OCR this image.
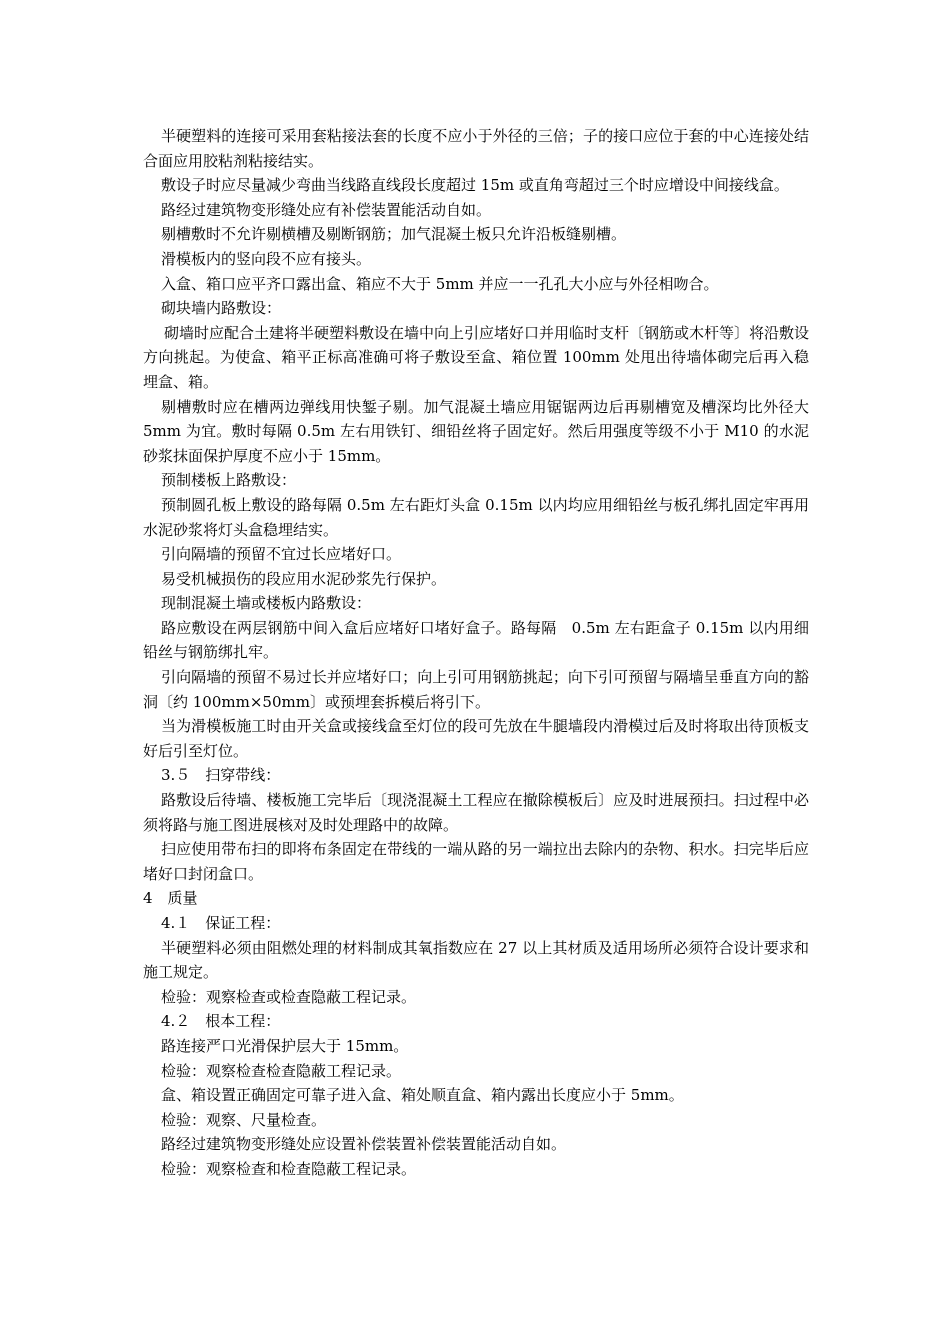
半硬塑料的连接可采用套粘接法套的长度不应小于外径的三倍；子的接口应位于套的中心连接处结合面应用胶粘剂粘接结实。

敷设子时应尽量减少弯曲当线路直线段长度超过 15m 或直角弯超过三个时应增设中间接线盒。

路经过建筑物变形缝处应有补偿装置能活动自如。

剔槽敷时不允许剔横槽及剔断钢筋；加气混凝土板只允许沿板缝剔槽。

滑模板内的竖向段不应有接头。

入盒、箱口应平齐口露出盒、箱应不大于 5mm 并应一一孔孔大小应与外径相吻合。

砌块墙内路敷设：

砌墙时应配合土建将半硬塑料敷设在墙中向上引应堵好口并用临时支杆〔钢筋或木杆等〕将沿敷设方向挑起。为使盒、箱平正标高准确可将子敷设至盒、箱位置 100mm 处甩出待墙体砌完后再入稳埋盒、箱。

剔槽敷时应在槽两边弹线用快錾子剔。加气混凝土墙应用锯锯两边后再剔槽宽及槽深均比外径大 5mm 为宜。敷时每隔 0.5m 左右用铁钉、细铅丝将子固定好。然后用强度等级不小于 M10 的水泥砂浆抹面保护厚度不应小于 15mm。

预制楼板上路敷设：

预制圆孔板上敷设的路每隔 0.5m 左右距灯头盒 0.15m 以内均应用细铅丝与板孔绑扎固定牢再用水泥砂浆将灯头盒稳埋结实。

引向隔墙的预留不宜过长应堵好口。

易受机械损伤的段应用水泥砂浆先行保护。

现制混凝土墙或楼板内路敷设：

路应敷设在两层钢筋中间入盒后应堵好口堵好盒子。路每隔　0.5m 左右距盒子 0.15m 以内用细铅丝与钢筋绑扎牢。

引向隔墙的预留不易过长并应堵好口；向上引可用钢筋挑起；向下引可预留与隔墙呈垂直方向的豁洞〔约 100mm×50mm〕或预埋套拆模后将引下。

当为滑模板施工时由开关盒或接线盒至灯位的段可先放在牛腿墙段内滑模过后及时将取出待顶板支好后引至灯位。

3.５　扫穿带线：

路敷设后待墙、楼板施工完毕后〔现浇混凝土工程应在撤除模板后〕应及时进展预扫。扫过程中必须将路与施工图进展核对及时处理路中的故障。

扫应使用带布扫的即将布条固定在带线的一端从路的另一端拉出去除内的杂物、积水。扫完毕后应堵好口封闭盒口。

4　质量

4.１　保证工程：

半硬塑料必须由阻燃处理的材料制成其氧指数应在 27 以上其材质及适用场所必须符合设计要求和施工规定。

检验：观察检查或检查隐蔽工程记录。

4.２　根本工程：

路连接严口光滑保护层大于 15mm。

检验：观察检查检查隐蔽工程记录。

盒、箱设置正确固定可靠子进入盒、箱处顺直盒、箱内露出长度应小于 5mm。

检验：观察、尺量检查。

路经过建筑物变形缝处应设置补偿装置补偿装置能活动自如。

检验：观察检查和检查隐蔽工程记录。
